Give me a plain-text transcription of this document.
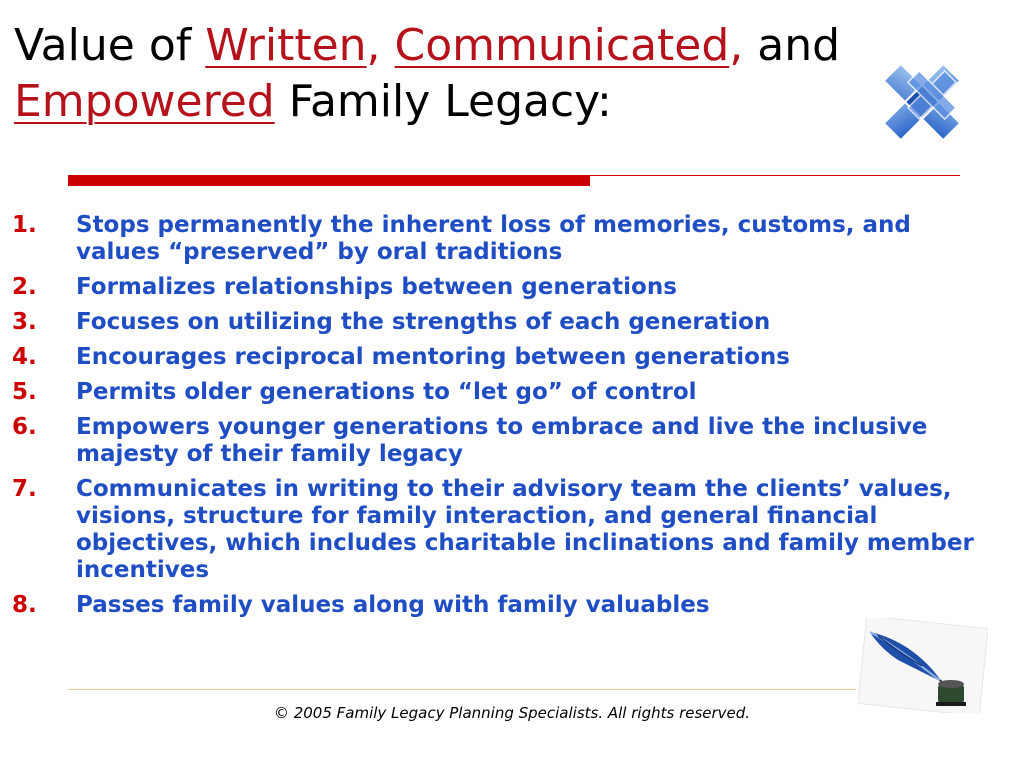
Value of Written, Communicated, and
Empowered Family Legacy:
1. Stops permanently the inherent loss of memories, customs, and values “preserved” by oral traditions
2. Formalizes relationships between generations
3. Focuses on utilizing the strengths of each generation
4. Encourages reciprocal mentoring between generations
5. Permits older generations to “let go” of control
6. Empowers younger generations to embrace and live the inclusive majesty of their family legacy
7. Communicates in writing to their advisory team the clients’ values, visions, structure for family interaction, and general financial objectives, which includes charitable inclinations and family member incentives
8. Passes family values along with family valuables
© 2005 Family Legacy Planning Specialists. All rights reserved.
